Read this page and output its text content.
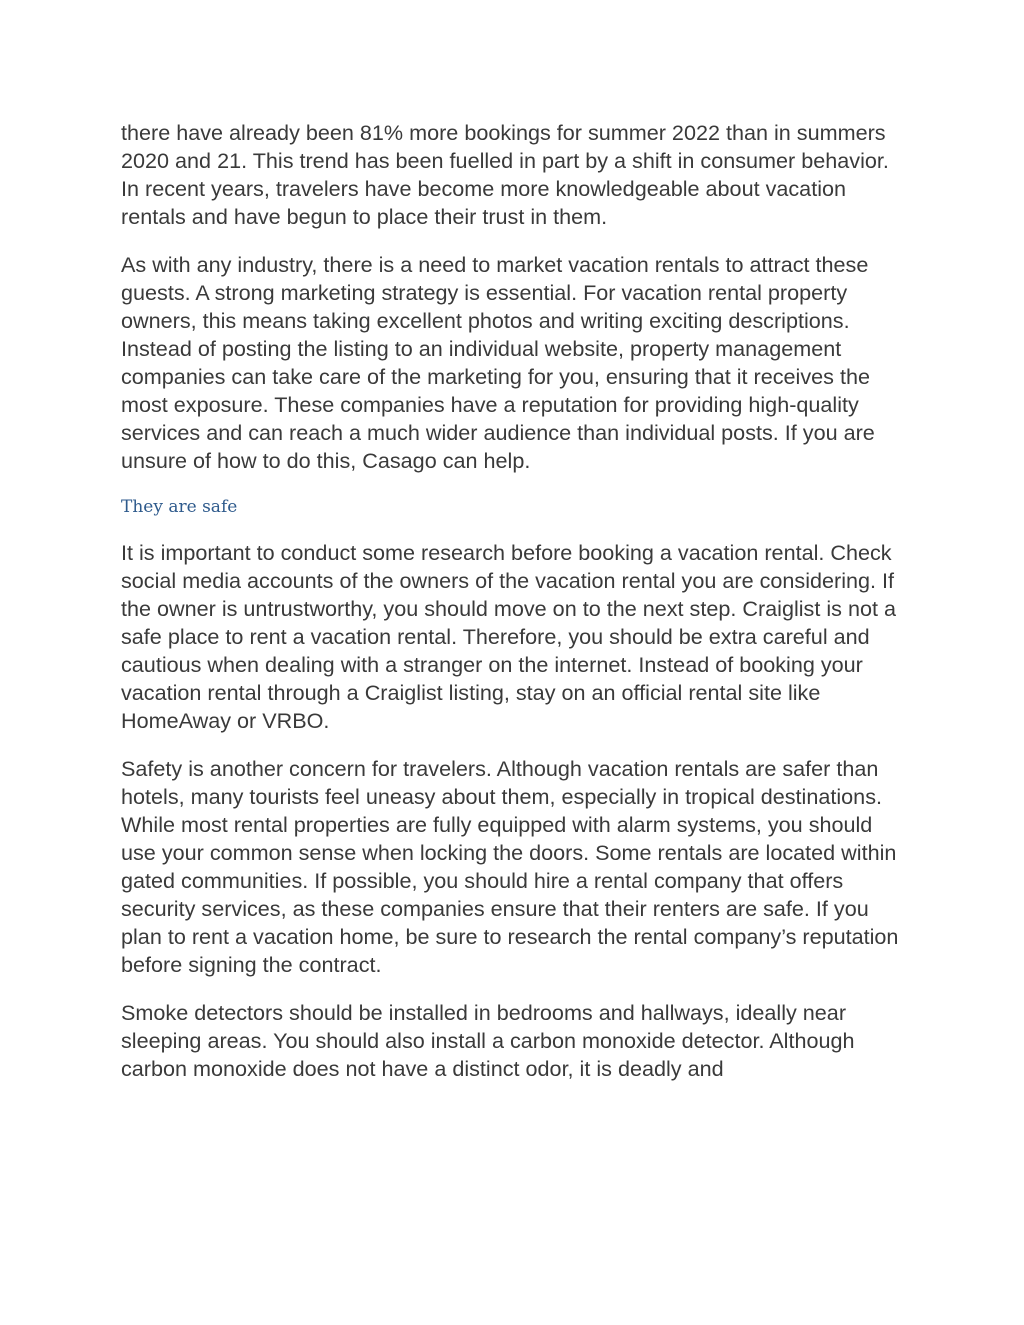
there have already been 81% more bookings for summer 2022 than in summers 2020 and 21. This trend has been fuelled in part by a shift in consumer behavior. In recent years, travelers have become more knowledgeable about vacation rentals and have begun to place their trust in them.

As with any industry, there is a need to market vacation rentals to attract these guests. A strong marketing strategy is essential. For vacation rental property owners, this means taking excellent photos and writing exciting descriptions. Instead of posting the listing to an individual website, property management companies can take care of the marketing for you, ensuring that it receives the most exposure. These companies have a reputation for providing high-quality services and can reach a much wider audience than individual posts. If you are unsure of how to do this, Casago can help.

They are safe

It is important to conduct some research before booking a vacation rental. Check social media accounts of the owners of the vacation rental you are considering. If the owner is untrustworthy, you should move on to the next step. Craiglist is not a safe place to rent a vacation rental. Therefore, you should be extra careful and cautious when dealing with a stranger on the internet. Instead of booking your vacation rental through a Craiglist listing, stay on an official rental site like HomeAway or VRBO.

Safety is another concern for travelers. Although vacation rentals are safer than hotels, many tourists feel uneasy about them, especially in tropical destinations. While most rental properties are fully equipped with alarm systems, you should use your common sense when locking the doors. Some rentals are located within gated communities. If possible, you should hire a rental company that offers security services, as these companies ensure that their renters are safe. If you plan to rent a vacation home, be sure to research the rental company’s reputation before signing the contract.

Smoke detectors should be installed in bedrooms and hallways, ideally near sleeping areas. You should also install a carbon monoxide detector. Although carbon monoxide does not have a distinct odor, it is deadly and
